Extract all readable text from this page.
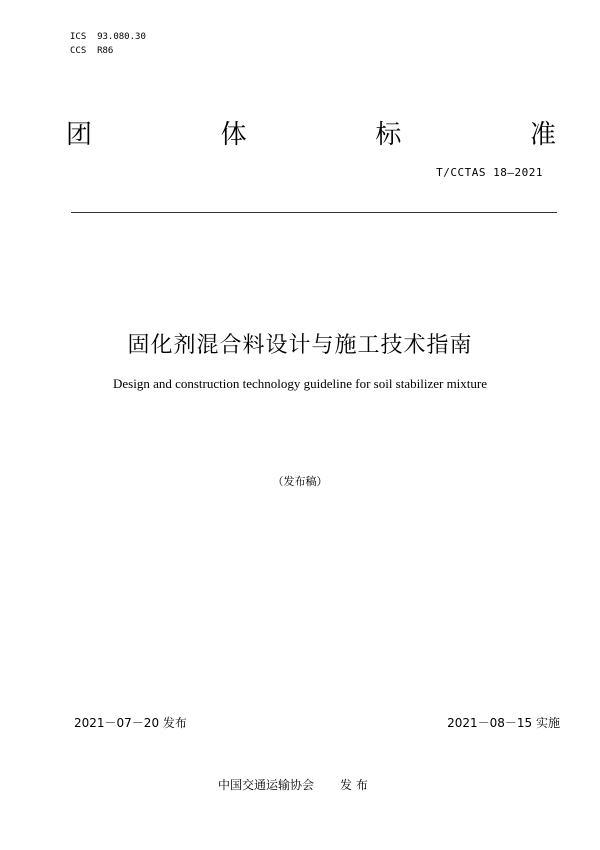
ICS  93.080.30
CCS  R86
团	体	标	准
T/CCTAS 18—2021
固化剂混合料设计与施工技术指南
Design and construction technology guideline for soil stabilizer mixture
（发布稿）
2021－07－20 发布	2021－08－15 实施
中国交通运输协会 发 布
